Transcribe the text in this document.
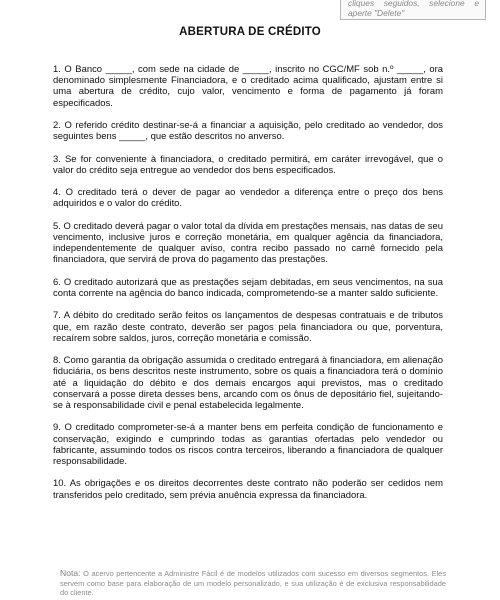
cliques seguidos, selecione e aperte "Delete"
ABERTURA DE CRÉDITO

1. O Banco _____, com sede na cidade de _____, inscrito no CGC/MF sob n.º _____, ora denominado simplesmente Financiadora, e o creditado acima qualificado, ajustam entre si uma abertura de crédito, cujo valor, vencimento e forma de pagamento já foram especificados.

2. O referido crédito destinar-se-á a financiar a aquisição, pelo creditado ao vendedor, dos seguintes bens _____, que estão descritos no anverso.

3. Se for conveniente à financiadora, o creditado permitirá, em caráter irrevogável, que o valor do crédito seja entregue ao vendedor dos bens especificados.

4. O creditado terá o dever de pagar ao vendedor a diferença entre o preço dos bens adquiridos e o valor do crédito.

5. O creditado deverá pagar o valor total da dívida em prestações mensais, nas datas de seu vencimento, inclusive juros e correção monetária, em qualquer agência da financiadora, independentemente de qualquer aviso, contra recibo passado no carnê fornecido pela financiadora, que servirá de prova do pagamento das prestações.

6. O creditado autorizará que as prestações sejam debitadas, em seus vencimentos, na sua conta corrente na agência do banco indicada, comprometendo-se a manter saldo suficiente.

7. A débito do creditado serão feitos os lançamentos de despesas contratuais e de tributos que, em razão deste contrato, deverão ser pagos pela financiadora ou que, porventura, recaírem sobre saldos, juros, correção monetária e comissão.

8. Como garantia da obrigação assumida o creditado entregará à financiadora, em alienação fiduciária, os bens descritos neste instrumento, sobre os quais a financiadora terá o domínio até a liquidação do débito e dos demais encargos aqui previstos, mas o creditado conservará a posse direta desses bens, arcando com os ônus de depositário fiel, sujeitando-se à responsabilidade civil e penal estabelecida legalmente.

9. O creditado comprometer-se-á a manter bens em perfeita condição de funcionamento e conservação, exigindo e cumprindo todas as garantias ofertadas pelo vendedor ou fabricante, assumindo todos os riscos contra terceiros, liberando a financiadora de qualquer responsabilidade.

10. As obrigações e os direitos decorrentes deste contrato não poderão ser cedidos nem transferidos pelo creditado, sem prévia anuência expressa da financiadora.

Nota: O acervo pertencente a Administre Fácil é de modelos utilizados com sucesso em diversos segmentos. Eles servem como base para elaboração de um modelo personalizado, e sua utilização é de exclusiva responsabilidade do cliente.
